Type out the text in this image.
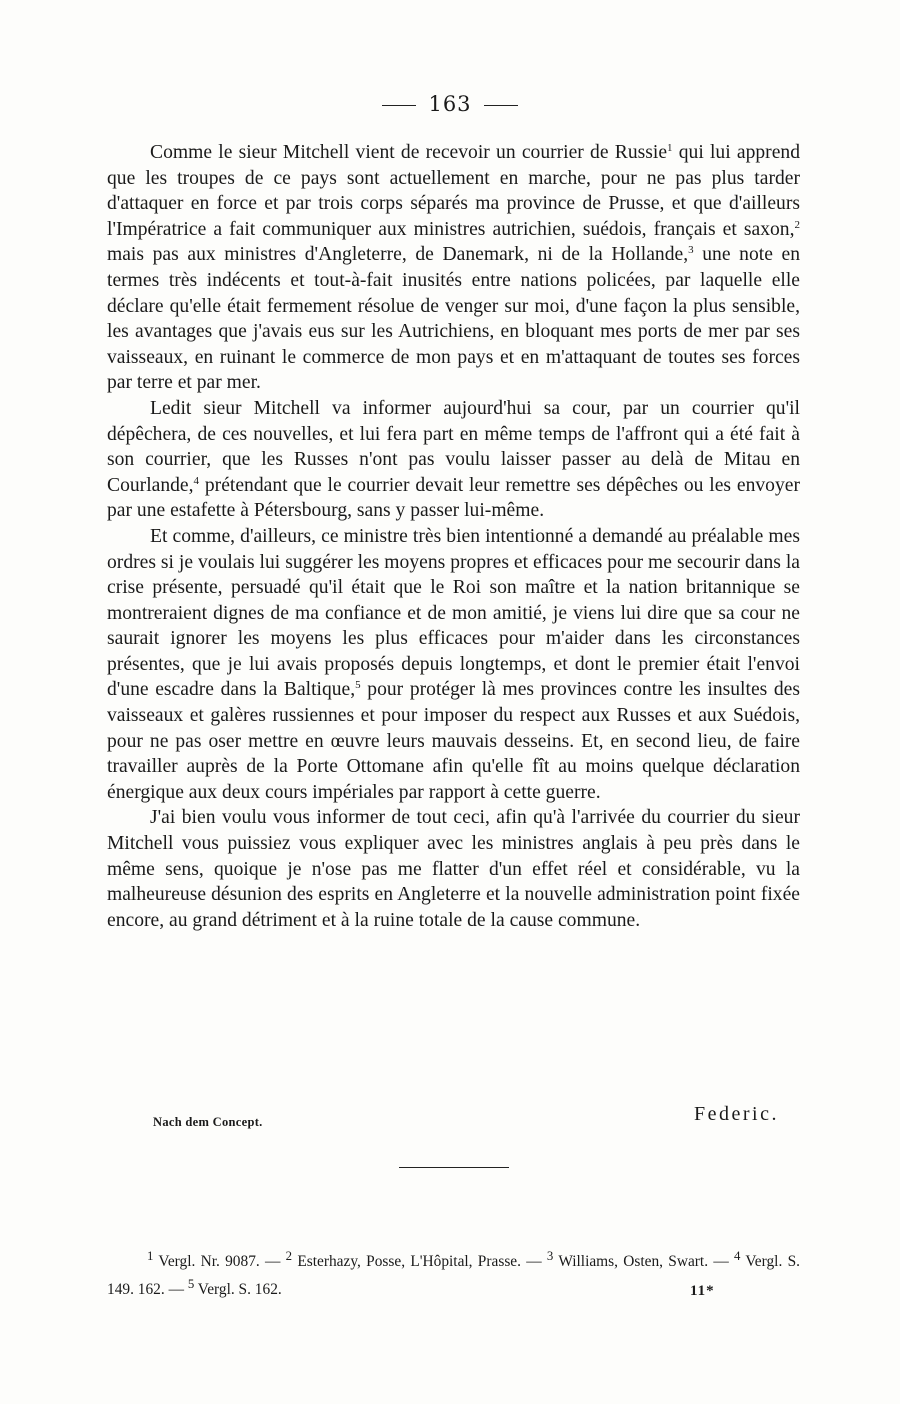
163

Comme le sieur Mitchell vient de recevoir un courrier de Russie$^1$ qui lui apprend que les troupes de ce pays sont actuellement en marche, pour ne pas plus tarder d'attaquer en force et par trois corps séparés ma province de Prusse, et que d'ailleurs l'Impératrice a fait communiquer aux ministres autrichien, suédois, français et saxon,$^2$ mais pas aux ministres d'Angleterre, de Danemark, ni de la Hollande,$^3$ une note en termes très indécents et tout-à-fait inusités entre nations policées, par laquelle elle déclare qu'elle était fermement résolue de venger sur moi, d'une façon la plus sensible, les avantages que j'avais eus sur les Autrichiens, en bloquant mes ports de mer par ses vaisseaux, en ruinant le commerce de mon pays et en m'attaquant de toutes ses forces par terre et par mer.

Ledit sieur Mitchell va informer aujourd'hui sa cour, par un courrier qu'il dépêchera, de ces nouvelles, et lui fera part en même temps de l'affront qui a été fait à son courrier, que les Russes n'ont pas voulu laisser passer au delà de Mitau en Courlande,$^4$ prétendant que le courrier devait leur remettre ses dépêches ou les envoyer par une estafette à Pétersbourg, sans y passer lui-même.

Et comme, d'ailleurs, ce ministre très bien intentionné a demandé au préalable mes ordres si je voulais lui suggérer les moyens propres et efficaces pour me secourir dans la crise présente, persuadé qu'il était que le Roi son maître et la nation britannique se montreraient dignes de ma confiance et de mon amitié, je viens lui dire que sa cour ne saurait ignorer les moyens les plus efficaces pour m'aider dans les circonstances présentes, que je lui avais proposés depuis longtemps, et dont le premier était l'envoi d'une escadre dans la Baltique,$^5$ pour protéger là mes provinces contre les insultes des vaisseaux et galères russiennes et pour imposer du respect aux Russes et aux Suédois, pour ne pas oser mettre en œuvre leurs mauvais desseins. Et, en second lieu, de faire travailler auprès de la Porte Ottomane afin qu'elle fît au moins quelque déclaration énergique aux deux cours impériales par rapport à cette guerre.

J'ai bien voulu vous informer de tout ceci, afin qu'à l'arrivée du courrier du sieur Mitchell vous puissiez vous expliquer avec les ministres anglais à peu près dans le même sens, quoique je n'ose pas me flatter d'un effet réel et considérable, vu la malheureuse désunion des esprits en Angleterre et la nouvelle administration point fixée encore, au grand détriment et à la ruine totale de la cause commune.

Nach dem Concept.	Federic.

$^1$ Vergl. Nr. 9087. — $^2$ Esterhazy, Posse, L'Hôpital, Prasse. — $^3$ Williams, Osten, Swart. — $^4$ Vergl. S. 149. 162. — $^5$ Vergl. S. 162.	11*
